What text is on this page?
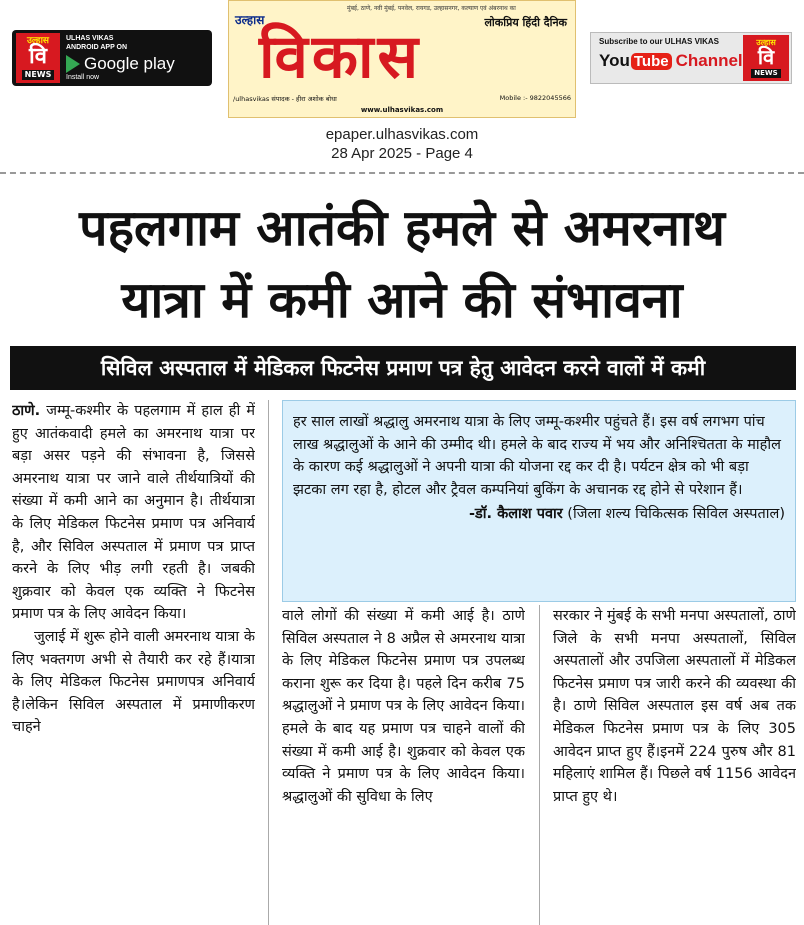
उल्हास
वि
NEWS
ULHAS VIKAS
ANDROID APP ON
Google play
Install now
मुंबई, ठाणे, नवी मुंबई, पनवेल, रायगड, उल्हासनगर, कल्याण एवं अंबरनाथ का
उल्हास	लोकप्रिय हिंदी दैनिक
विकास
/ulhasvikas संपादक - हीरा अशोक बोधा	Mobile :- 9822045566
www.ulhasvikas.com
Subscribe to our ULHAS VIKAS
You Tube Channel
उल्हास
वि
NEWS
epaper.ulhasvikas.com
28 Apr 2025 - Page 4
पहलगाम आतंकी हमले से अमरनाथ
यात्रा में कमी आने की संभावना
सिविल अस्पताल में मेडिकल फिटनेस प्रमाण पत्र हेतु आवेदन करने वालों में कमी

ठाणे. जम्मू-कश्मीर के पहलगाम में हाल ही में हुए आतंकवादी हमले का अमरनाथ यात्रा पर बड़ा असर पड़ने की संभावना है, जिससे अमरनाथ यात्रा पर जाने वाले तीर्थयात्रियों की संख्या में कमी आने का अनुमान है। तीर्थयात्रा के लिए मेडिकल फिटनेस प्रमाण पत्र अनिवार्य है, और सिविल अस्पताल में प्रमाण पत्र प्राप्त करने के लिए भीड़ लगी रहती है। जबकी शुक्रवार को केवल एक व्यक्ति ने फिटनेस प्रमाण पत्र के लिए आवेदन किया।

जुलाई में शुरू होने वाली अमरनाथ यात्रा के लिए भक्तगण अभी से तैयारी कर रहे हैं।यात्रा के लिए मेडिकल फिटनेस प्रमाणपत्र अनिवार्य है।लेकिन सिविल अस्पताल में प्रमाणीकरण चाहने

हर साल लाखों श्रद्धालु अमरनाथ यात्रा के लिए जम्मू-कश्मीर पहुंचते हैं। इस वर्ष लगभग पांच लाख श्रद्धालुओं के आने की उम्मीद थी। हमले के बाद राज्य में भय और अनिश्चितता के माहौल के कारण कई श्रद्धालुओं ने अपनी यात्रा की योजना रद्द कर दी है। पर्यटन क्षेत्र को भी बड़ा झटका लग रहा है, होटल और ट्रैवल कम्पनियां बुकिंग के अचानक रद्द होने से परेशान हैं।

-डॉ. कैलाश पवार (जिला शल्य चिकित्सक सिविल अस्पताल)

वाले लोगों की संख्या में कमी आई है। ठाणे सिविल अस्पताल ने 8 अप्रैल से अमरनाथ यात्रा के लिए मेडिकल फिटनेस प्रमाण पत्र उपलब्ध कराना शुरू कर दिया है। पहले दिन करीब 75 श्रद्धालुओं ने प्रमाण पत्र के लिए आवेदन किया। हमले के बाद यह प्रमाण पत्र चाहने वालों की संख्या में कमी आई है। शुक्रवार को केवल एक व्यक्ति ने प्रमाण पत्र के लिए आवेदन किया। श्रद्धालुओं की सुविधा के लिए

सरकार ने मुंबई के सभी मनपा अस्पतालों, ठाणे जिले के सभी मनपा अस्पतालों, सिविल अस्पतालों और उपजिला अस्पतालों में मेडिकल फिटनेस प्रमाण पत्र जारी करने की व्यवस्था की है। ठाणे सिविल अस्पताल इस वर्ष अब तक मेडिकल फिटनेस प्रमाण पत्र के लिए 305 आवेदन प्राप्त हुए हैं।इनमें 224 पुरुष और 81 महिलाएं शामिल हैं। पिछले वर्ष 1156 आवेदन प्राप्त हुए थे।
